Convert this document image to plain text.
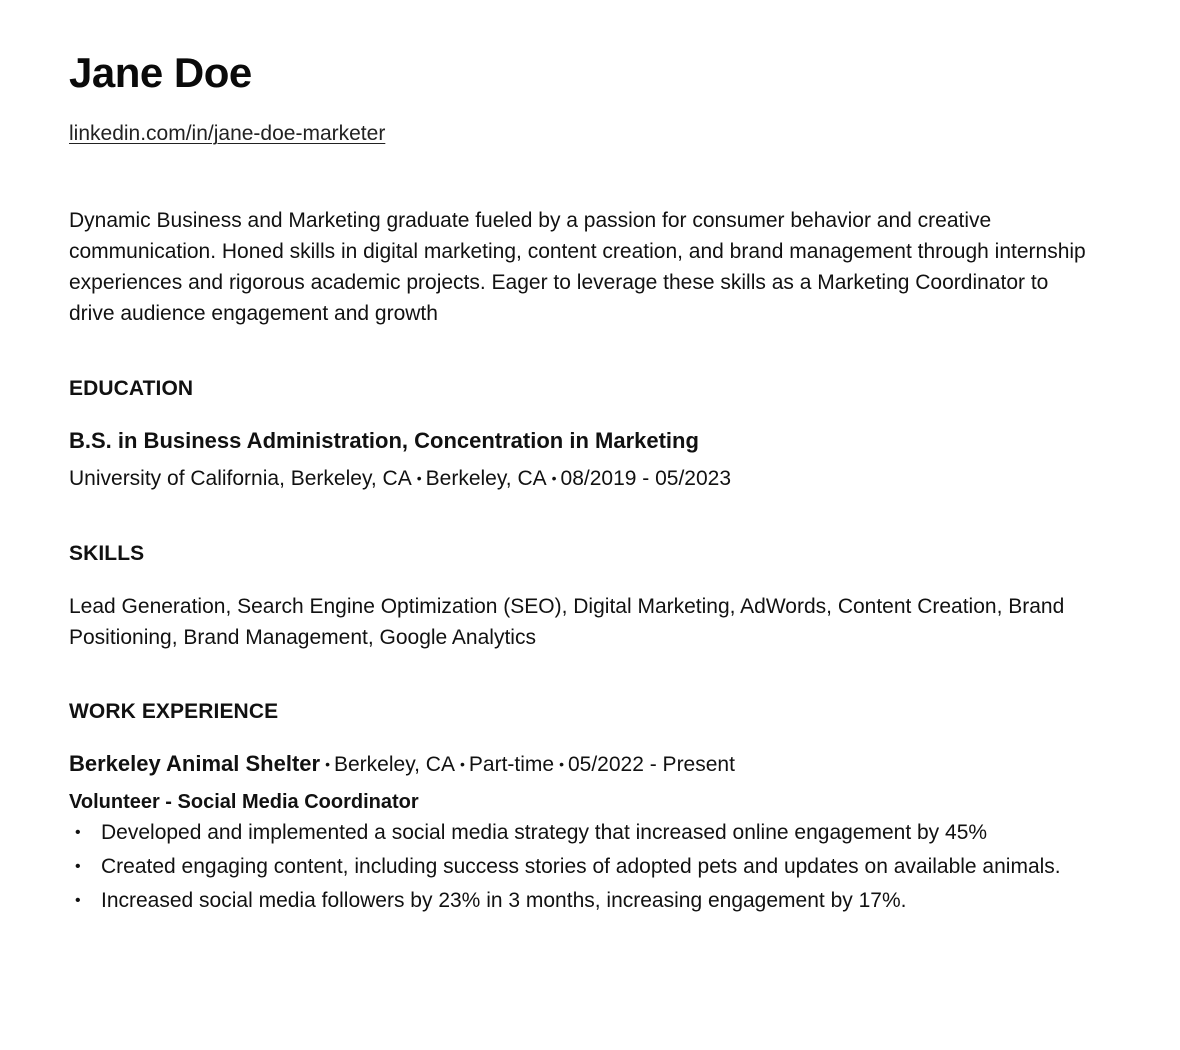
Jane Doe
linkedin.com/in/jane-doe-marketer

Dynamic Business and Marketing graduate fueled by a passion for consumer behavior and creative communication. Honed skills in digital marketing, content creation, and brand management through internship experiences and rigorous academic projects. Eager to leverage these skills as a Marketing Coordinator to drive audience engagement and growth

EDUCATION

B.S. in Business Administration, Concentration in Marketing

University of California, Berkeley, CA • Berkeley, CA • 08/2019 - 05/2023

SKILLS

Lead Generation, Search Engine Optimization (SEO), Digital Marketing, AdWords, Content Creation, Brand Positioning, Brand Management, Google Analytics

WORK EXPERIENCE

Berkeley Animal Shelter • Berkeley, CA • Part-time • 05/2022 - Present

Volunteer - Social Media Coordinator

• Developed and implemented a social media strategy that increased online engagement by 45%
• Created engaging content, including success stories of adopted pets and updates on available animals.
• Increased social media followers by 23% in 3 months, increasing engagement by 17%.
